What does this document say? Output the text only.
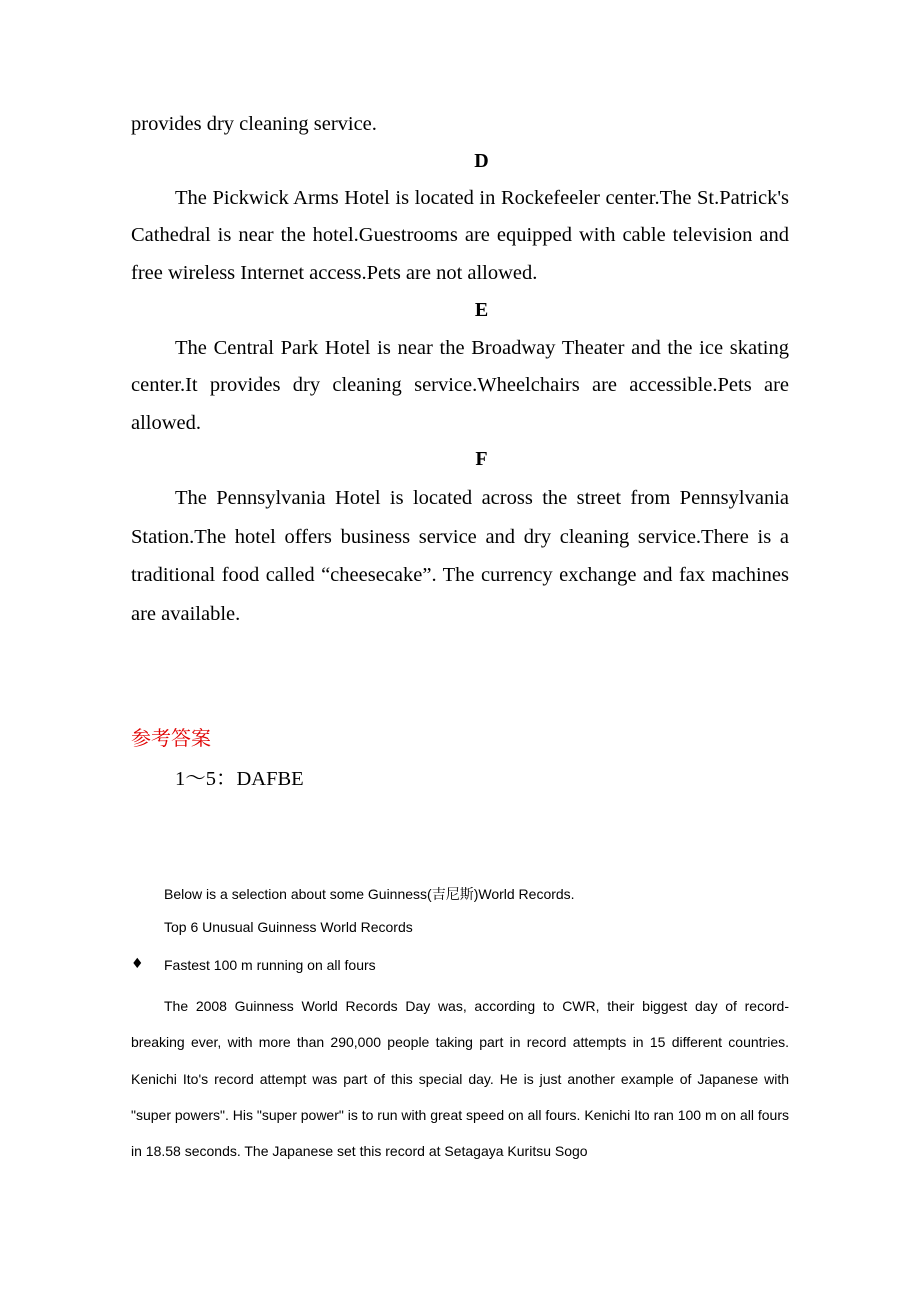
provides dry cleaning service.

D

The Pickwick Arms Hotel is located in Rockefeeler center.The St.Patrick's Cathedral is near the hotel.Guestrooms are equipped with cable television and free wireless Internet access.Pets are not allowed.

E

The Central Park Hotel is near the Broadway Theater and the ice skating center.It provides dry cleaning service.Wheelchairs are accessible.Pets are allowed.

F

The Pennsylvania Hotel is located across the street from Pennsylvania Station.The hotel offers business service and dry cleaning service.There is a traditional food called “cheesecake”. The currency exchange and fax machines are available.

参考答案

1～5：DAFBE

Below is a selection about some Guinness(吉尼斯)World Records.

Top 6 Unusual Guinness World Records

♦ Fastest 100 m running on all fours

The 2008 Guinness World Records Day was, according to CWR, their biggest day of record-breaking ever, with more than 290,000 people taking part in record attempts in 15 different countries. Kenichi Ito's record attempt was part of this special day. He is just another example of Japanese with "super powers". His "super power" is to run with great speed on all fours. Kenichi Ito ran 100 m on all fours in 18.58 seconds. The Japanese set this record at Setagaya Kuritsu Sogo
